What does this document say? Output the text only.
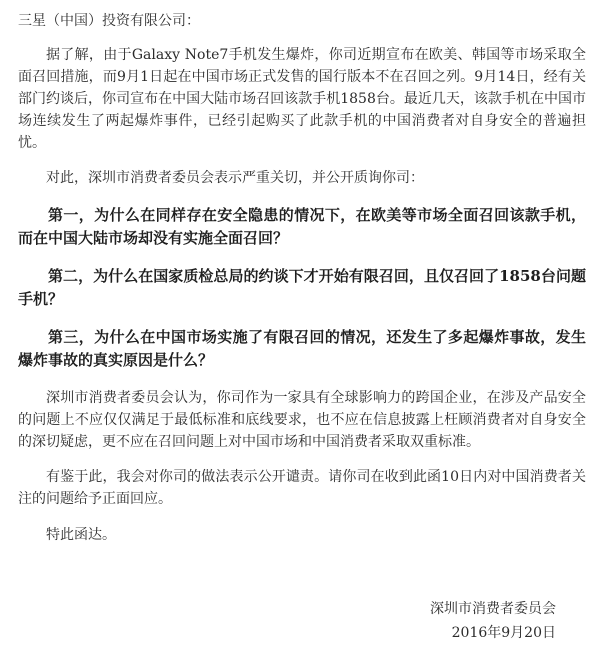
三星（中国）投资有限公司：

据了解，由于Galaxy Note7手机发生爆炸，你司近期宣布在欧美、韩国等市场采取全面召回措施，而9月1日起在中国市场正式发售的国行版本不在召回之列。9月14日，经有关部门约谈后，你司宣布在中国大陆市场召回该款手机1858台。最近几天，该款手机在中国市场连续发生了两起爆炸事件，已经引起购买了此款手机的中国消费者对自身安全的普遍担忧。

对此，深圳市消费者委员会表示严重关切，并公开质询你司：

第一，为什么在同样存在安全隐患的情况下，在欧美等市场全面召回该款手机，而在中国大陆市场却没有实施全面召回？

第二，为什么在国家质检总局的约谈下才开始有限召回，且仅召回了1858台问题手机？

第三，为什么在中国市场实施了有限召回的情况，还发生了多起爆炸事故，发生爆炸事故的真实原因是什么？

深圳市消费者委员会认为，你司作为一家具有全球影响力的跨国企业，在涉及产品安全的问题上不应仅仅满足于最低标准和底线要求，也不应在信息披露上枉顾消费者对自身安全的深切疑虑，更不应在召回问题上对中国市场和中国消费者采取双重标准。

有鉴于此，我会对你司的做法表示公开谴责。请你司在收到此函10日内对中国消费者关注的问题给予正面回应。

特此函达。

深圳市消费者委员会
2016年9月20日
